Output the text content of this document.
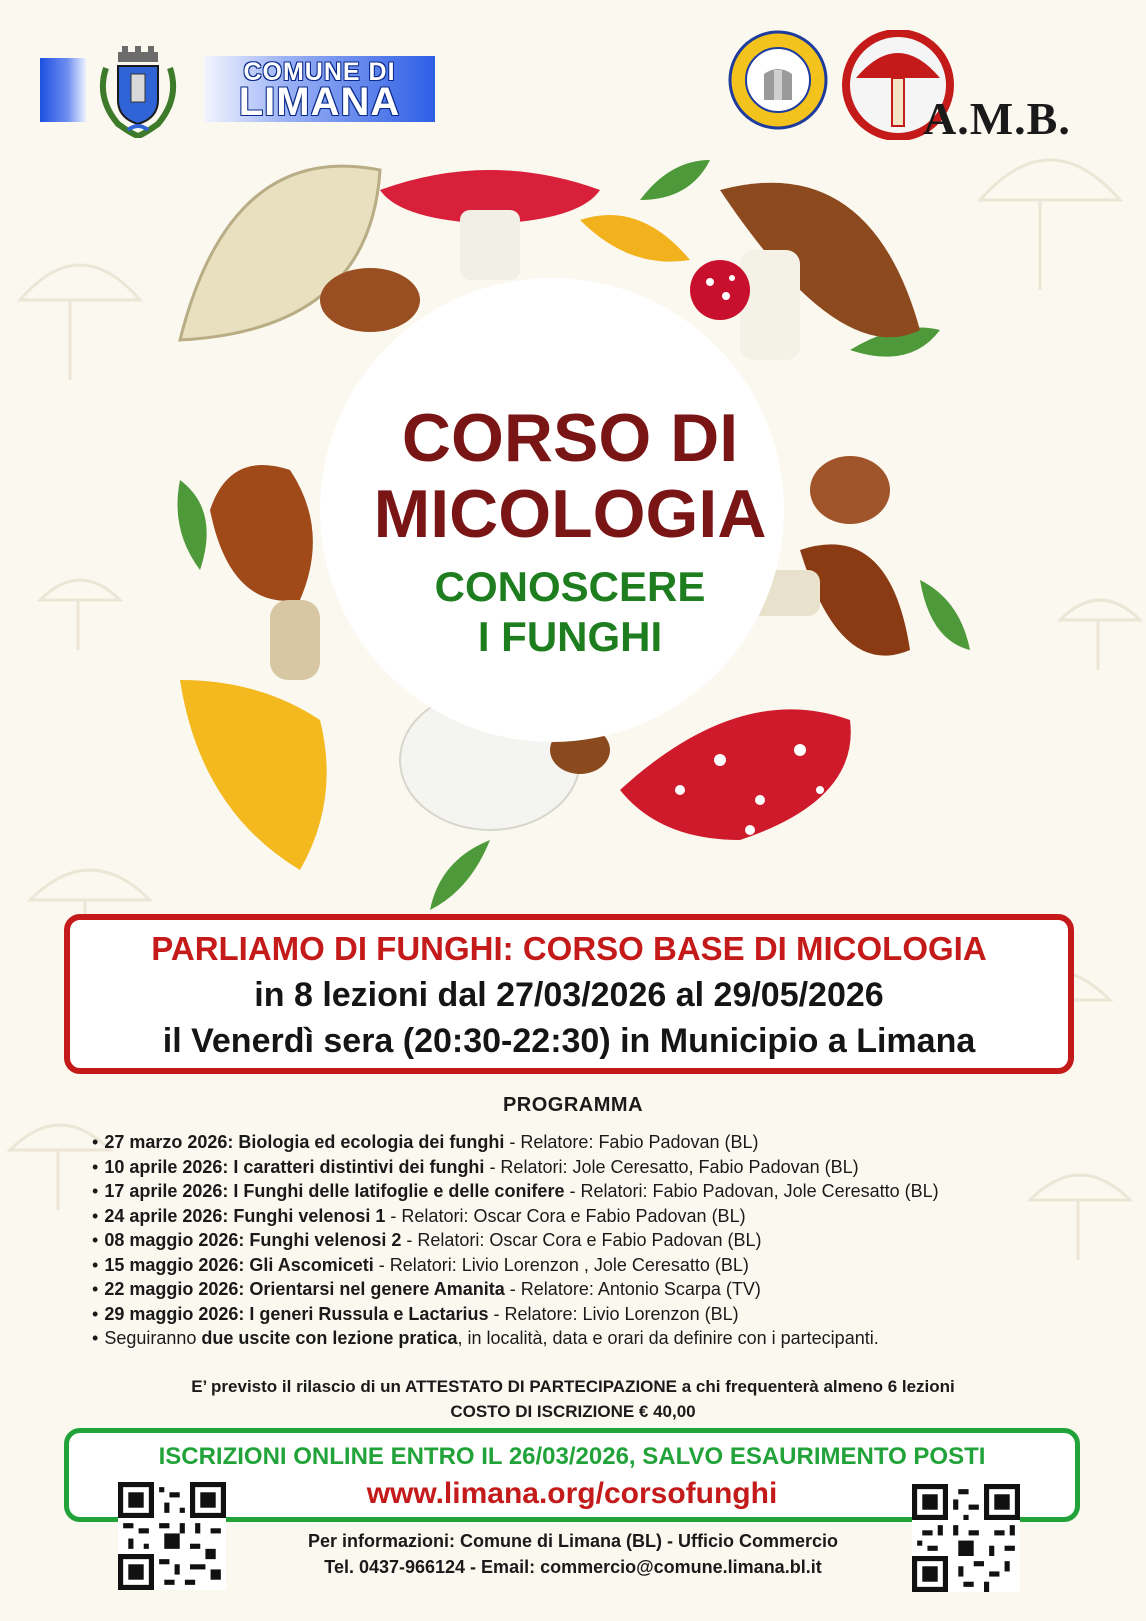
COMUNE DI
LIMANA	A.M.B.
CORSO DI
MICOLOGIA
CONOSCERE
I FUNGHI
PARLIAMO DI FUNGHI: CORSO BASE DI MICOLOGIA
in 8 lezioni dal 27/03/2026 al 29/05/2026
il Venerdì sera (20:30-22:30) in Municipio a Limana
PROGRAMMA
• 27 marzo 2026: Biologia ed ecologia dei funghi - Relatore: Fabio Padovan (BL)
• 10 aprile 2026: I caratteri distintivi dei funghi - Relatori: Jole Ceresatto, Fabio Padovan (BL)
• 17 aprile 2026: I Funghi delle latifoglie e delle conifere - Relatori: Fabio Padovan, Jole Ceresatto (BL)
• 24 aprile 2026: Funghi velenosi 1 - Relatori: Oscar Cora e Fabio Padovan (BL)
• 08 maggio 2026: Funghi velenosi 2 - Relatori: Oscar Cora e Fabio Padovan (BL)
• 15 maggio 2026: Gli Ascomiceti - Relatori: Livio Lorenzon , Jole Ceresatto (BL)
• 22 maggio 2026: Orientarsi nel genere Amanita - Relatore: Antonio Scarpa (TV)
• 29 maggio 2026: I generi Russula e Lactarius - Relatore: Livio Lorenzon (BL)
• Seguiranno due uscite con lezione pratica, in località, data e orari da definire con i partecipanti.
E’ previsto il rilascio di un ATTESTATO DI PARTECIPAZIONE a chi frequenterà almeno 6 lezioni
COSTO DI ISCRIZIONE € 40,00
ISCRIZIONI ONLINE ENTRO IL 26/03/2026, SALVO ESAURIMENTO POSTI
www.limana.org/corsofunghi
Per informazioni: Comune di Limana (BL) - Ufficio Commercio
Tel. 0437-966124 - Email: commercio@comune.limana.bl.it
